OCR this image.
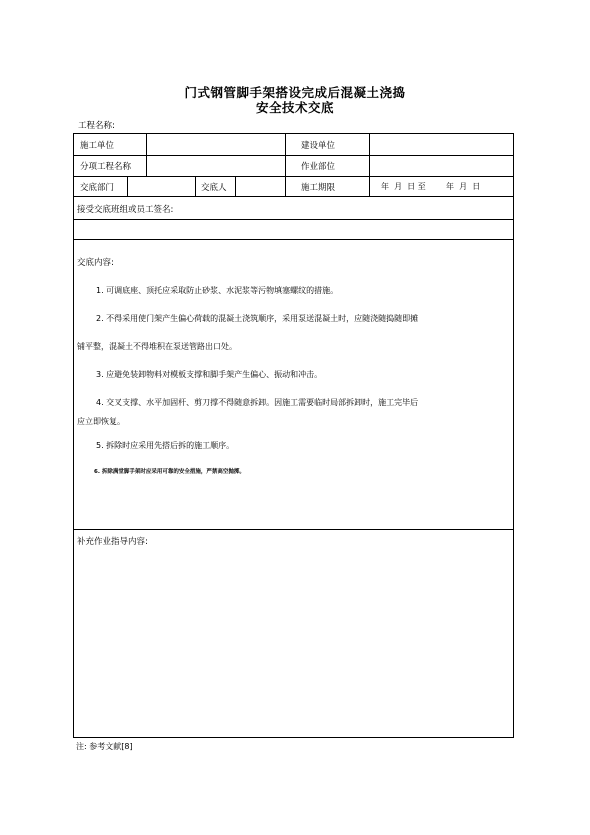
门式钢管脚手架搭设完成后混凝土浇捣
安全技术交底
工程名称:
施工单位	建设单位
分项工程名称	作业部位
交底部门	交底人	施工期限	年  月  日 至        年  月  日
接受交底班组或员工签名:
交底内容:
1. 可调底座、顶托应采取防止砂浆、水泥浆等污物填塞螺纹的措施。
2. 不得采用使门架产生偏心荷载的混凝土浇筑顺序，采用泵送混凝土时，应随浇随捣随即摊
铺平整，混凝土不得堆积在泵送管路出口处。
3. 应避免装卸物料对模板支撑和脚手架产生偏心、振动和冲击。
4. 交叉支撑、水平加固杆、剪刀撑不得随意拆卸。因施工需要临时局部拆卸时，施工完毕后
应立即恢复。
5. 拆除时应采用先搭后拆的施工顺序。
6. 拆除满堂脚手架时应采用可靠的安全措施，严禁高空抛掷。
补充作业指导内容:
注: 参考文献[8]
